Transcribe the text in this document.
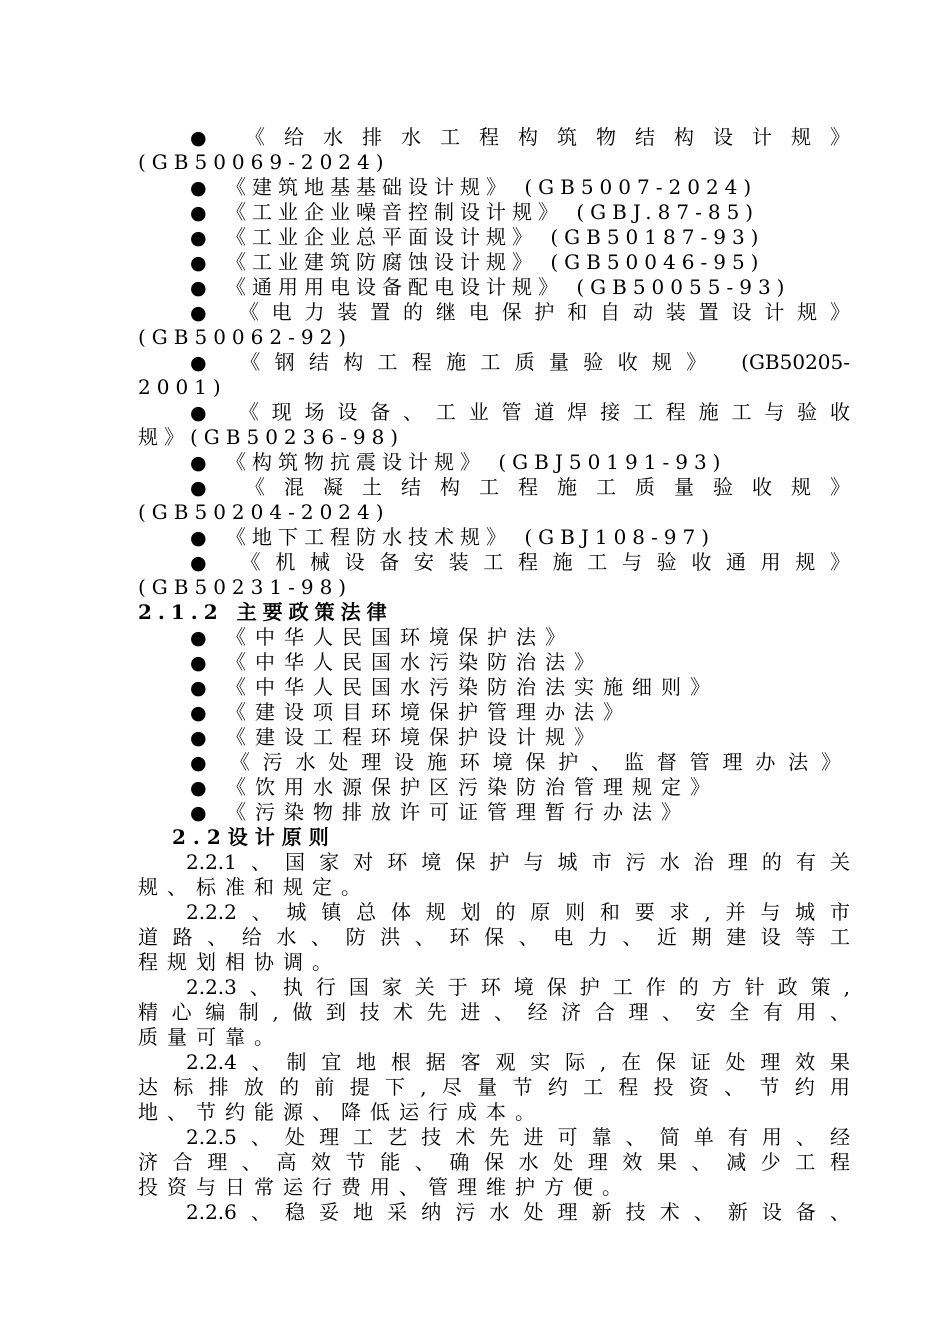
● 《给水排水工程构筑物结构设计规》
(GB50069-2024)
● 《建筑地基基础设计规》 (GB5007-2024)
● 《工业企业噪音控制设计规》 (GBJ.87-85)
● 《工业企业总平面设计规》 (GB50187-93)
● 《工业建筑防腐蚀设计规》 (GB50046-95)
● 《通用用电设备配电设计规》 (GB50055-93)
● 《电力装置的继电保护和自动装置设计规》
(GB50062-92)
● 《钢结构工程施工质量验收规》 (GB50205-
2001)
● 《现场设备、工业管道焊接工程施工与验收
规》(GB50236-98)
● 《构筑物抗震设计规》 (GBJ50191-93)
● 《混凝土结构工程施工质量验收规》
(GB50204-2024)
● 《地下工程防水技术规》 (GBJ108-97)
● 《机械设备安装工程施工与验收通用规》
(GB50231-98)
2.1.2 主要政策法律
● 《中华人民国环境保护法》
● 《中华人民国水污染防治法》
● 《中华人民国水污染防治法实施细则》
● 《建设项目环境保护管理办法》
● 《建设工程环境保护设计规》
● 《污水处理设施环境保护、监督管理办法》
● 《饮用水源保护区污染防治管理规定》
● 《污染物排放许可证管理暂行办法》
2.2设计原则
2.2.1、国家对环境保护与城市污水治理的有关
规、标准和规定。
2.2.2、城镇总体规划的原则和要求,并与城市
道路、给水、防洪、环保、电力、近期建设等工
程规划相协调。
2.2.3、执行国家关于环境保护工作的方针政策,
精心编制,做到技术先进、经济合理、安全有用、
质量可靠。
2.2.4、制宜地根据客观实际,在保证处理效果
达标排放的前提下,尽量节约工程投资、节约用
地、节约能源、降低运行成本。
2.2.5、处理工艺技术先进可靠、简单有用、经
济合理、高效节能、确保水处理效果、减少工程
投资与日常运行费用、管理维护方便。
2.2.6、稳妥地采纳污水处理新技术、新设备、
